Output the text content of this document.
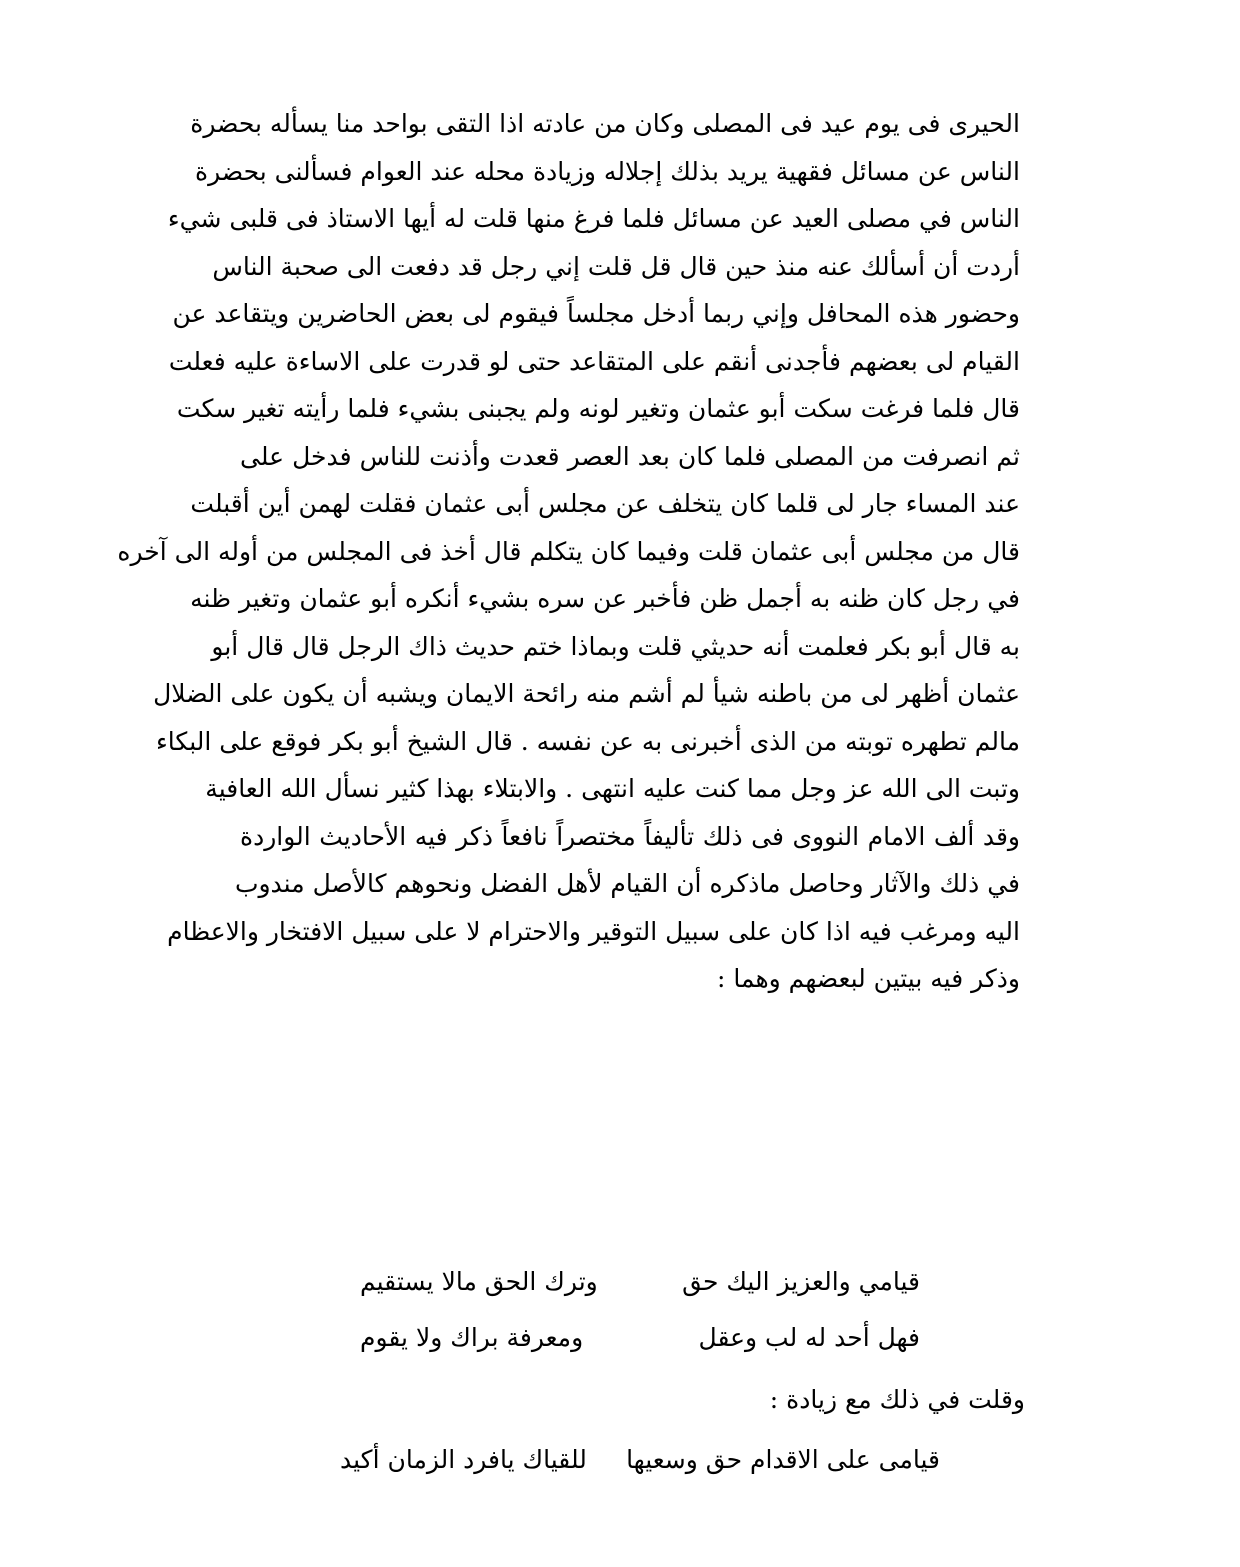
الحيرى فى يوم عيد فى المصلى وكان من عادته اذا التقى بواحد منا يسأله بحضرة
الناس عن مسائل فقهية يريد بذلك إجلاله وزيادة محله عند العوام فسألنى بحضرة
الناس في مصلى العيد عن مسائل فلما فرغ منها قلت له أيها الاستاذ فى قلبى شيء
أردت أن أسألك عنه منذ حين قال قل قلت إني رجل قد دفعت الى صحبة الناس
وحضور هذه المحافل وإني ربما أدخل مجلساً فيقوم لى بعض الحاضرين ويتقاعد عن
القيام لى بعضهم فأجدنى أنقم على المتقاعد حتى لو قدرت على الاساءة عليه فعلت
قال فلما فرغت سكت أبو عثمان وتغير لونه ولم يجبنى بشيء فلما رأيته تغير سكت
ثم انصرفت من المصلى فلما كان بعد العصر قعدت وأذنت للناس فدخل على
عند المساء جار لى قلما كان يتخلف عن مجلس أبى عثمان فقلت لهمن أين أقبلت
قال من مجلس أبى عثمان قلت وفيما كان يتكلم قال أخذ فى المجلس من أوله الى آخره
في رجل كان ظنه به أجمل ظن فأخبر عن سره بشيء أنكره أبو عثمان وتغير ظنه
به قال أبو بكر فعلمت أنه حديثي قلت وبماذا ختم حديث ذاك الرجل قال قال أبو
عثمان أظهر لى من باطنه شيأ لم أشم منه رائحة الايمان ويشبه أن يكون على الضلال
مالم تطهره توبته من الذى أخبرنى به عن نفسه . قال الشيخ أبو بكر فوقع على البكاء
وتبت الى الله عز وجل مما كنت عليه انتهى . والابتلاء بهذا كثير نسأل الله العافية
وقد ألف الامام النووى فى ذلك تأليفاً مختصراً نافعاً ذكر فيه الأحاديث الواردة
في ذلك والآثار وحاصل ماذكره أن القيام لأهل الفضل ونحوهم كالأصل مندوب
اليه ومرغب فيه اذا كان على سبيل التوقير والاحترام لا على سبيل الافتخار والاعظام
وذكر فيه بيتين لبعضهم وهما :
قيامي والعزيز اليك حق
وترك الحق مالا يستقيم
فهل أحد له لب وعقل
ومعرفة براك ولا يقوم
وقلت في ذلك مع زيادة :
قيامى على الاقدام حق وسعيها
للقياك يافرد الزمان أكيد
